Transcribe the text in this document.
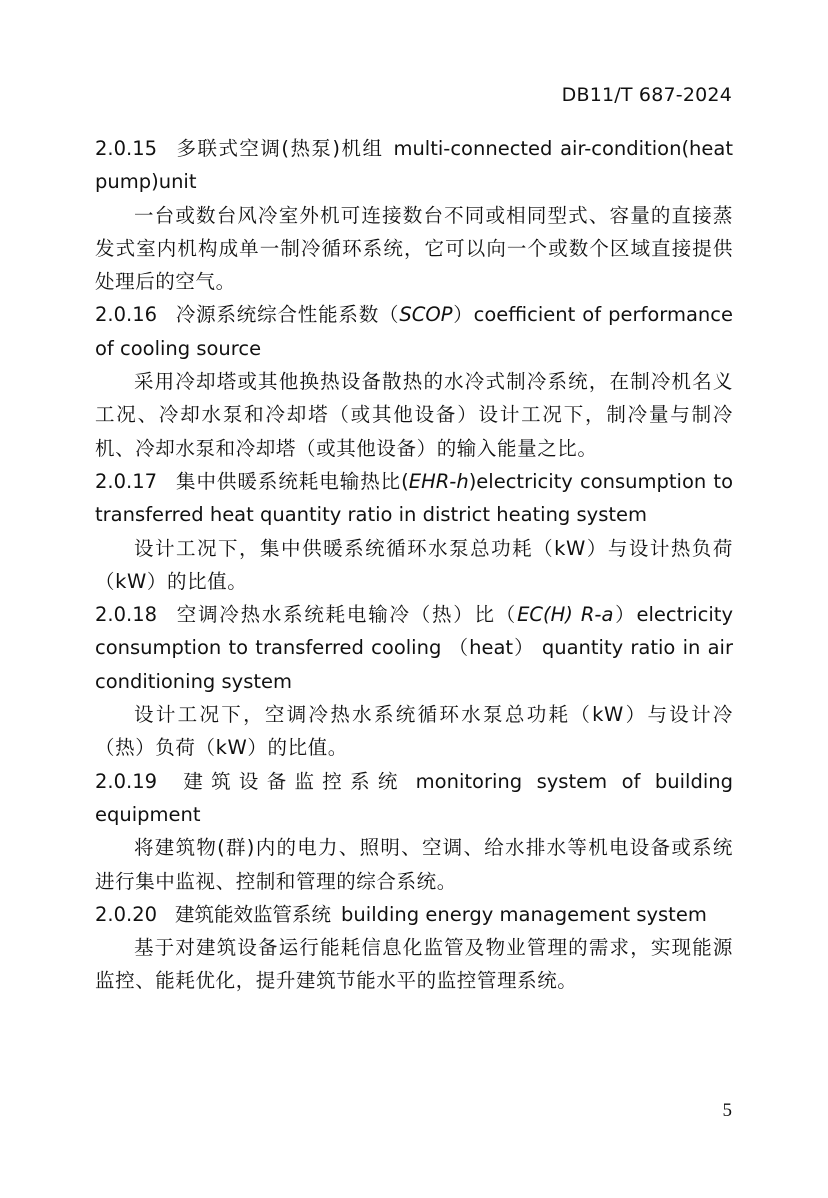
DB11/T 687-2024
2.0.15 多联式空调(热泵)机组 multi-connected air-condition(heat pump)unit
一台或数台风冷室外机可连接数台不同或相同型式、容量的直接蒸发式室内机构成单一制冷循环系统，它可以向一个或数个区域直接提供处理后的空气。
2.0.16 冷源系统综合性能系数（SCOP）coefficient of performance of cooling source
采用冷却塔或其他换热设备散热的水冷式制冷系统，在制冷机名义工况、冷却水泵和冷却塔（或其他设备）设计工况下，制冷量与制冷机、冷却水泵和冷却塔（或其他设备）的输入能量之比。
2.0.17 集中供暖系统耗电输热比(EHR-h)electricity consumption to transferred heat quantity ratio in district heating system
设计工况下，集中供暖系统循环水泵总功耗（kW）与设计热负荷（kW）的比值。
2.0.18 空调冷热水系统耗电输冷（热）比（EC(H) R-a）electricity consumption to transferred cooling （heat） quantity ratio in air conditioning system
设计工况下，空调冷热水系统循环水泵总功耗（kW）与设计冷（热）负荷（kW）的比值。
2.0.19 建筑设备监控系统 monitoring system of building equipment
将建筑物(群)内的电力、照明、空调、给水排水等机电设备或系统进行集中监视、控制和管理的综合系统。
2.0.20 建筑能效监管系统 building energy management system
基于对建筑设备运行能耗信息化监管及物业管理的需求，实现能源监控、能耗优化，提升建筑节能水平的监控管理系统。
5
